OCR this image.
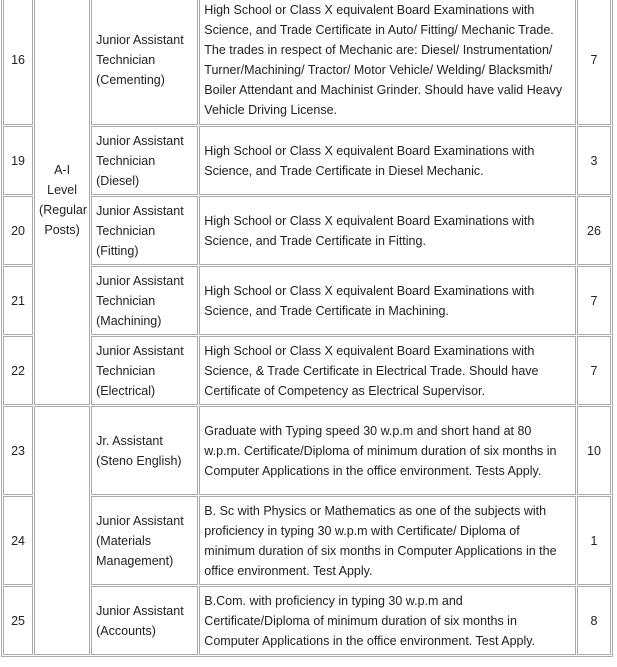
16	A-I Level (Regular Posts)	Junior Assistant Technician (Cementing)	High School or Class X equivalent Board Examinations with Science, and Trade Certificate in Auto/ Fitting/ Mechanic Trade. The trades in respect of Mechanic are: Diesel/ Instrumentation/ Turner/Machining/ Tractor/ Motor Vehicle/ Welding/ Blacksmith/ Boiler Attendant and Machinist Grinder. Should have valid Heavy Vehicle Driving License.	7
19		Junior Assistant Technician (Diesel)	High School or Class X equivalent Board Examinations with Science, and Trade Certificate in Diesel Mechanic.	3
20		Junior Assistant Technician (Fitting)	High School or Class X equivalent Board Examinations with Science, and Trade Certificate in Fitting.	26
21		Junior Assistant Technician (Machining)	High School or Class X equivalent Board Examinations with Science, and Trade Certificate in Machining.	7
22		Junior Assistant Technician (Electrical)	High School or Class X equivalent Board Examinations with Science, & Trade Certificate in Electrical Trade. Should have Certificate of Competency as Electrical Supervisor.	7
23		Jr. Assistant (Steno English)	Graduate with Typing speed 30 w.p.m and short hand at 80 w.p.m. Certificate/Diploma of minimum duration of six months in Computer Applications in the office environment. Tests Apply.	10
24		Junior Assistant (Materials Management)	B. Sc with Physics or Mathematics as one of the subjects with proficiency in typing 30 w.p.m with Certificate/ Diploma of minimum duration of six months in Computer Applications in the office environment. Test Apply.	1
25		Junior Assistant (Accounts)	B.Com. with proficiency in typing 30 w.p.m and Certificate/Diploma of minimum duration of six months in Computer Applications in the office environment. Test Apply.	8
